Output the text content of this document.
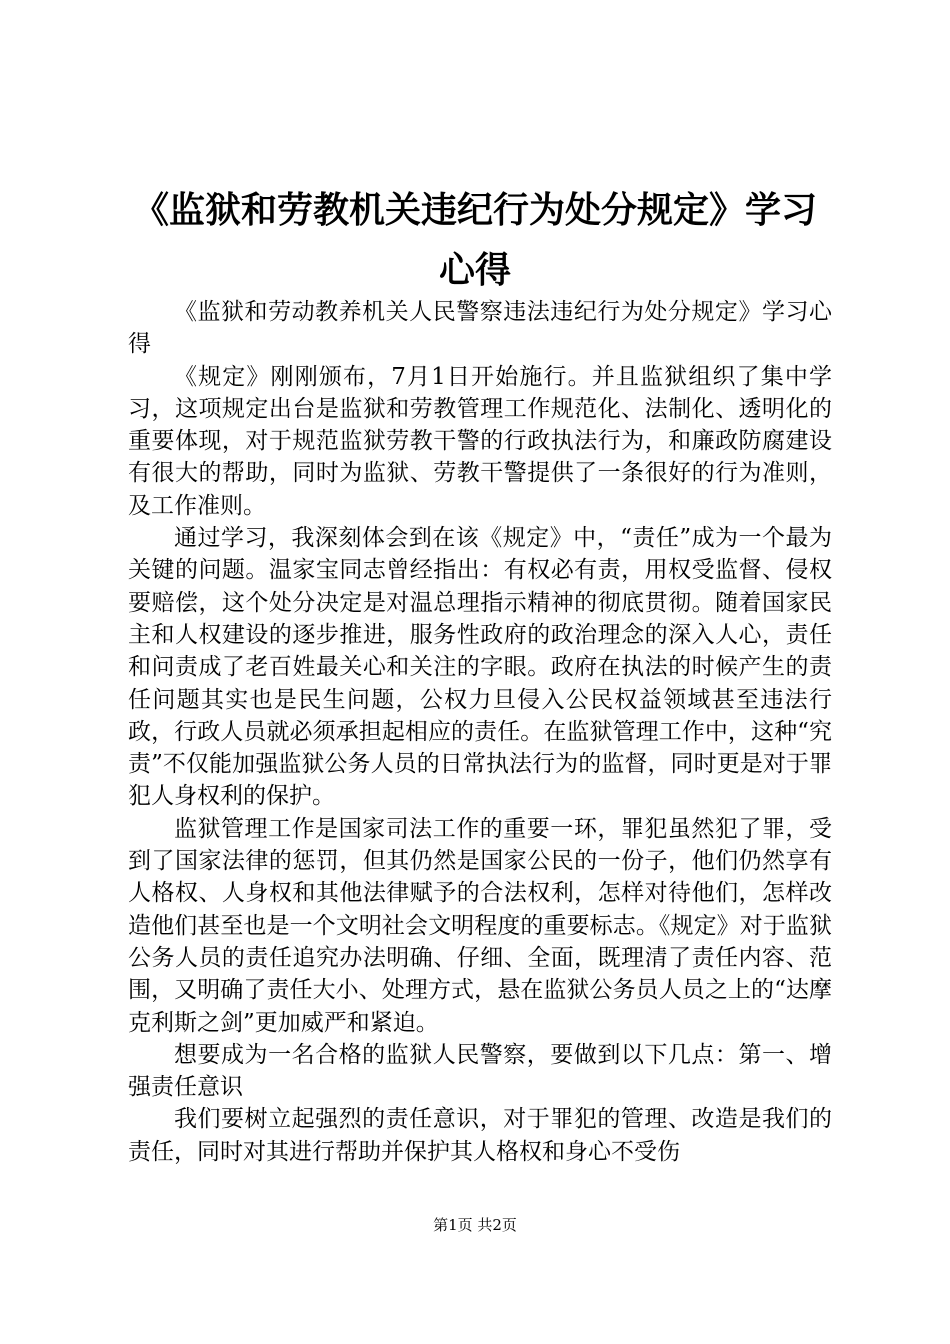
《监狱和劳教机关违纪行为处分规定》学习心得

《监狱和劳动教养机关人民警察违法违纪行为处分规定》学习心得

《规定》刚刚颁布，7月1日开始施行。并且监狱组织了集中学习，这项规定出台是监狱和劳教管理工作规范化、法制化、透明化的重要体现，对于规范监狱劳教干警的行政执法行为，和廉政防腐建设有很大的帮助，同时为监狱、劳教干警提供了一条很好的行为准则，及工作准则。

通过学习，我深刻体会到在该《规定》中，“责任”成为一个最为关键的问题。温家宝同志曾经指出：有权必有责，用权受监督、侵权要赔偿，这个处分决定是对温总理指示精神的彻底贯彻。随着国家民主和人权建设的逐步推进，服务性政府的政治理念的深入人心，责任和问责成了老百姓最关心和关注的字眼。政府在执法的时候产生的责任问题其实也是民生问题，公权力旦侵入公民权益领域甚至违法行政，行政人员就必须承担起相应的责任。在监狱管理工作中，这种“究责”不仅能加强监狱公务人员的日常执法行为的监督，同时更是对于罪犯人身权利的保护。

监狱管理工作是国家司法工作的重要一环，罪犯虽然犯了罪，受到了国家法律的惩罚，但其仍然是国家公民的一份子，他们仍然享有人格权、人身权和其他法律赋予的合法权利，怎样对待他们，怎样改造他们甚至也是一个文明社会文明程度的重要标志。《规定》对于监狱公务人员的责任追究办法明确、仔细、全面，既理清了责任内容、范围，又明确了责任大小、处理方式，悬在监狱公务员人员之上的“达摩克利斯之剑”更加威严和紧迫。

想要成为一名合格的监狱人民警察，要做到以下几点：第一、增强责任意识

我们要树立起强烈的责任意识，对于罪犯的管理、改造是我们的责任，同时对其进行帮助并保护其人格权和身心不受伤

第1页 共2页
